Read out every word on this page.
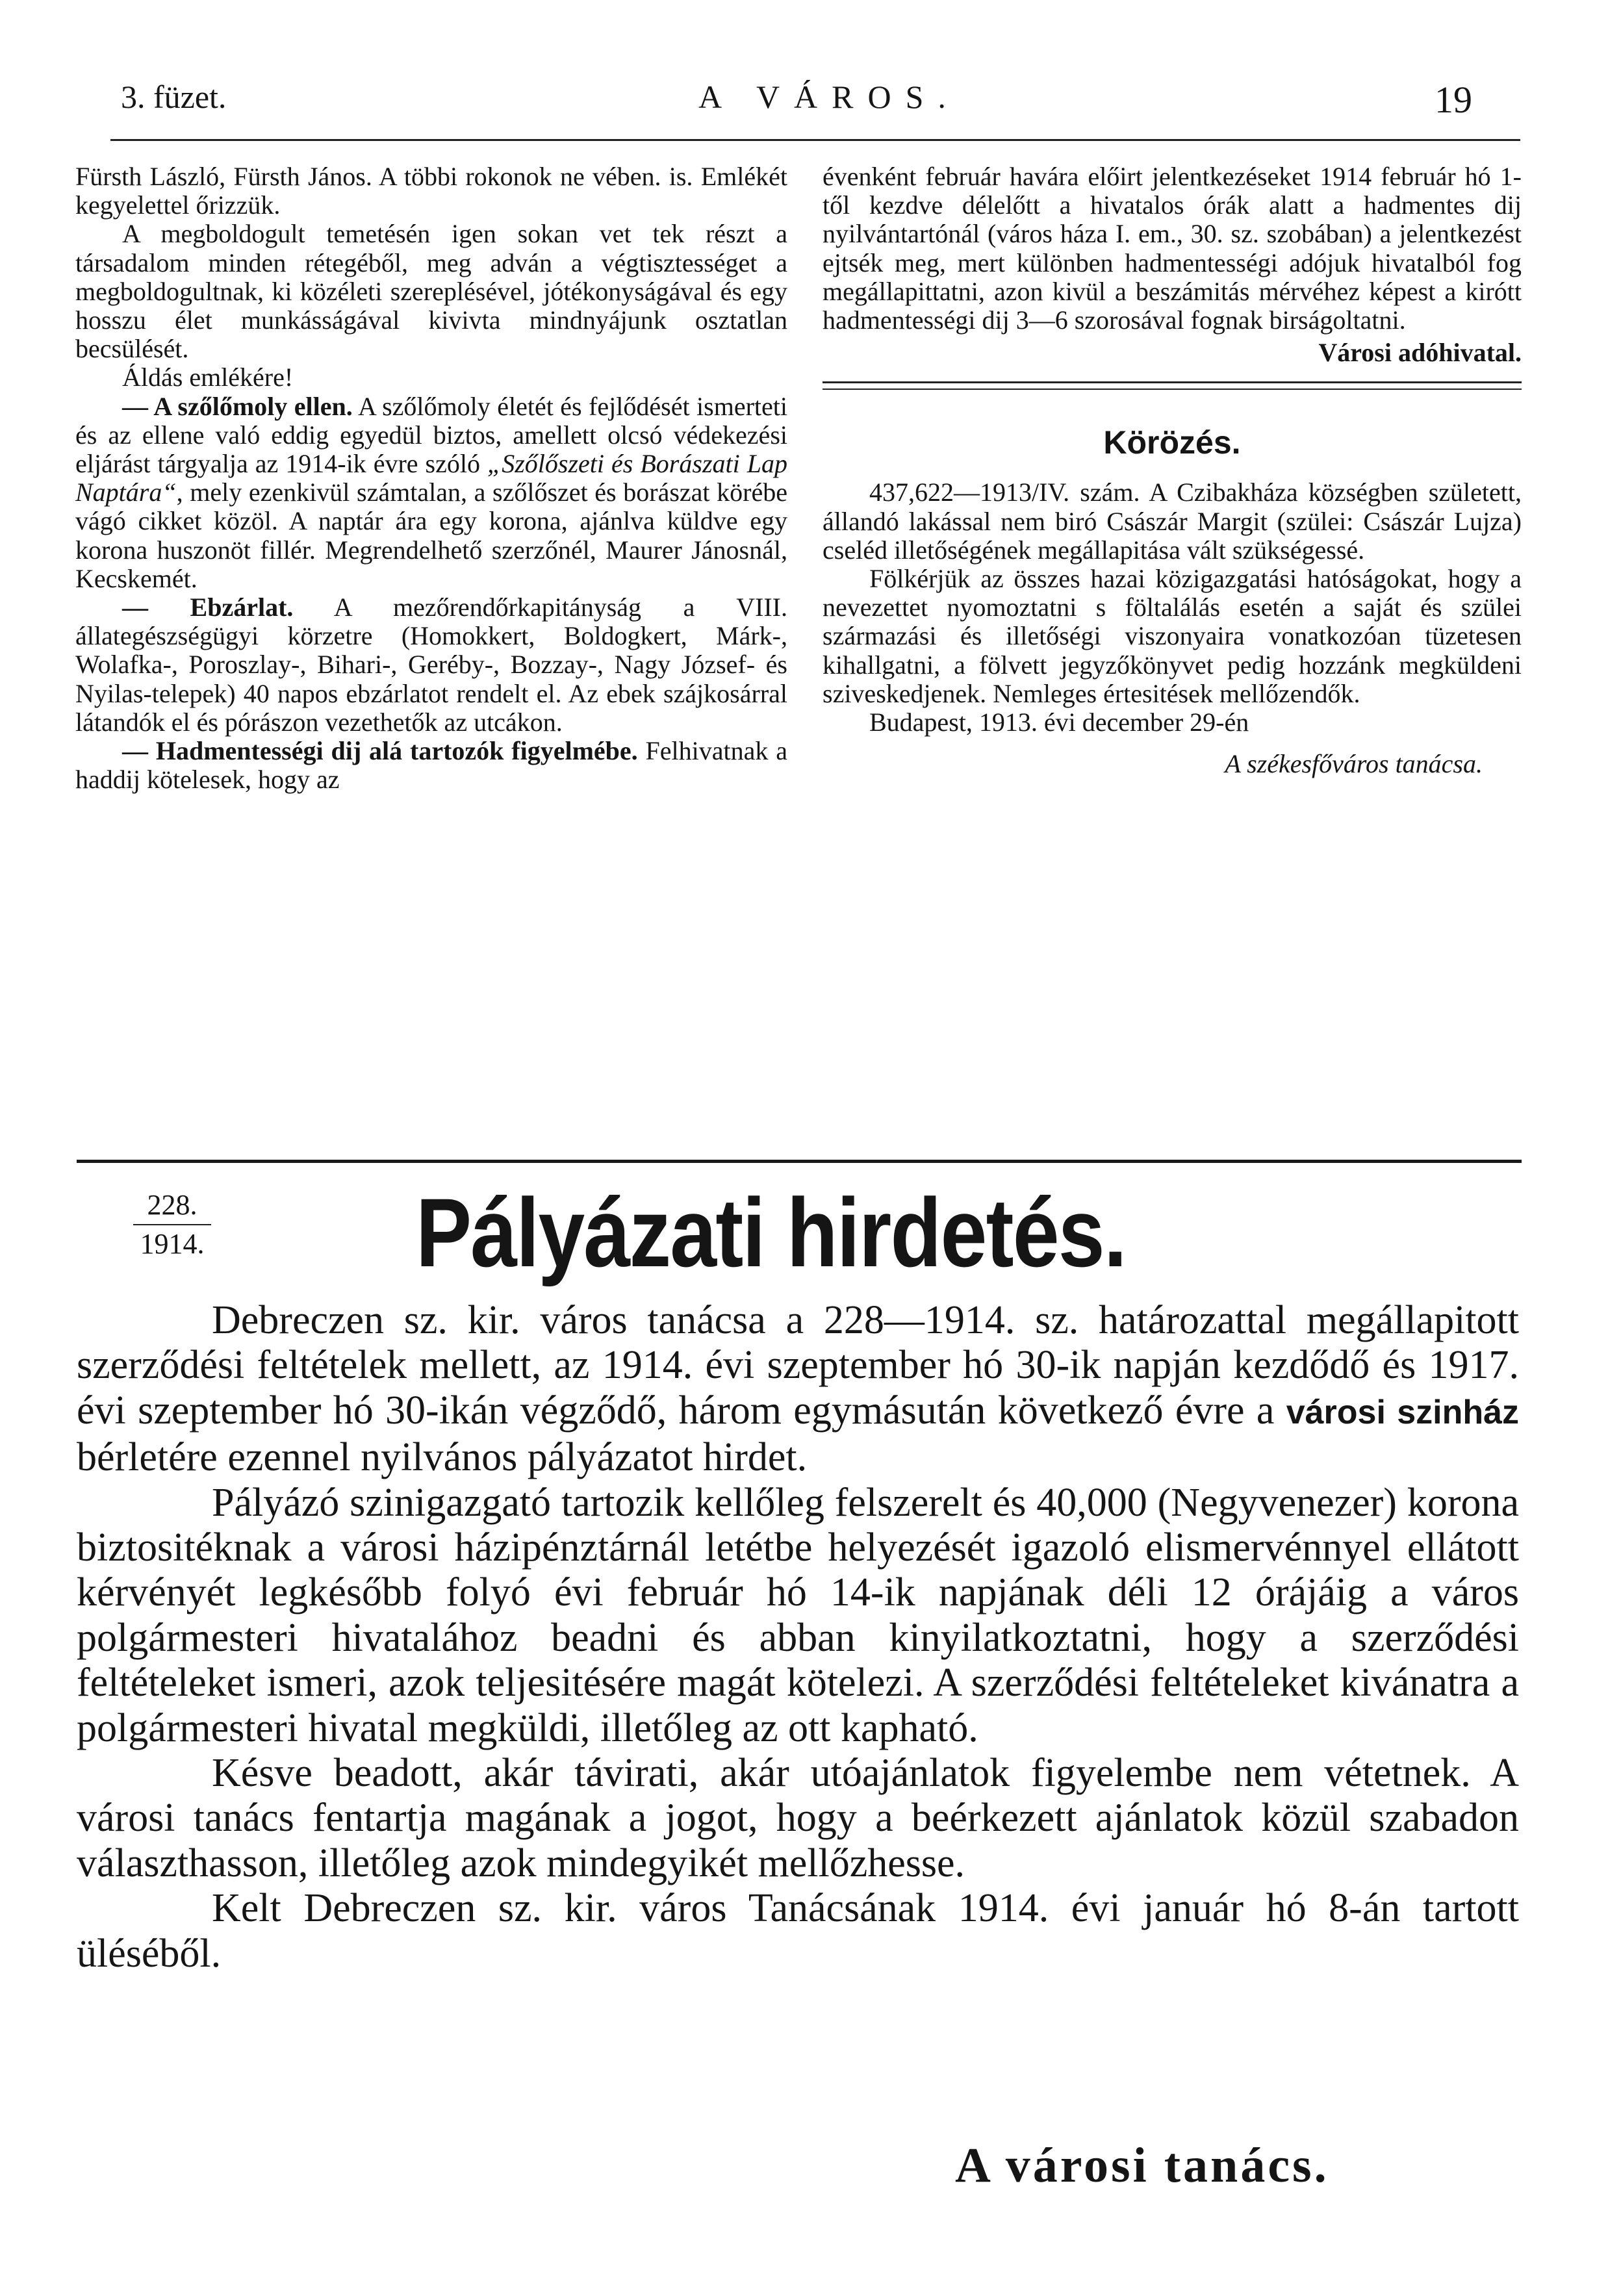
3. füzet.	A VÁROS.	19

Fürsth László, Fürsth János. A többi rokonok ne vében. is. Emlékét kegyelettel őrizzük.

A megboldogult temetésén igen sokan vet tek részt a társadalom minden rétegéből, meg adván a végtisztességet a megboldogultnak, ki közéleti szereplésével, jótékonyságával és egy hosszu élet munkásságával kivivta mindnyájunk osztatlan becsülését.

Áldás emlékére!

— A szőlőmoly ellen. A szőlőmoly életét és fejlődését ismerteti és az ellene való eddig egyedül biztos, amellett olcsó védekezési eljárást tárgyalja az 1914-ik évre szóló „Szőlőszeti és Borászati Lap Naptára“, mely ezenkivül számtalan, a szőlőszet és borászat körébe vágó cikket közöl. A naptár ára egy korona, ajánlva küldve egy korona huszonöt fillér. Megrendelhető szerzőnél, Maurer Jánosnál, Kecskemét.

— Ebzárlat. A mezőrendőrkapitányság a VIII. állategészségügyi körzetre (Homokkert, Boldogkert, Márk-, Wolafka-, Poroszlay-, Bihari-, Geréby-, Bozzay-, Nagy József- és Nyilas-telepek) 40 napos ebzárlatot rendelt el. Az ebek szájkosárral látandók el és pórászon vezethetők az utcákon.

— Hadmentességi dij alá tartozók figyelmébe. Felhivatnak a haddij kötelesek, hogy az

évenként február havára előirt jelentkezéseket 1914 február hó 1-től kezdve délelőtt a hivatalos órák alatt a hadmentes dij nyilvántartónál (város háza I. em., 30. sz. szobában) a jelentkezést ejtsék meg, mert különben hadmentességi adójuk hivatalból fog megállapittatni, azon kivül a beszámitás mérvéhez képest a kirótt hadmentességi dij 3—6 szorosával fognak birságoltatni.

Városi adóhivatal.

Körözés.

437,622—1913/IV. szám. A Czibakháza községben született, állandó lakással nem biró Császár Margit (szülei: Császár Lujza) cseléd illetőségének megállapitása vált szükségessé.

Fölkérjük az összes hazai közigazgatási hatóságokat, hogy a nevezettet nyomoztatni s föltalálás esetén a saját és szülei származási és illetőségi viszonyaira vonatkozóan tüzetesen kihallgatni, a fölvett jegyzőkönyvet pedig hozzánk megküldeni sziveskedjenek. Nemleges értesitések mellőzendők.

Budapest, 1913. évi december 29-én

A székesfőváros tanácsa.

228.
1914. Pályázati hirdetés.

Debreczen sz. kir. város tanácsa a 228—1914. sz. határozattal megállapitott szerződési feltételek mellett, az 1914. évi szeptember hó 30-ik napján kezdődő és 1917. évi szeptember hó 30-ikán végződő, három egymásután következő évre a városi szinház bérletére ezennel nyilvános pályázatot hirdet.

Pályázó szinigazgató tartozik kellőleg felszerelt és 40,000 (Negyvenezer) korona biztositéknak a városi házipénztárnál letétbe helyezését igazoló elismervénnyel ellátott kérvényét legkésőbb folyó évi február hó 14-ik napjának déli 12 órájáig a város polgármesteri hivatalához beadni és abban kinyilatkoztatni, hogy a szerződési feltételeket ismeri, azok teljesitésére magát kötelezi. A szerződési feltételeket kivánatra a polgármesteri hivatal megküldi, illetőleg az ott kapható.

Késve beadott, akár távirati, akár utóajánlatok figyelembe nem vétetnek. A városi tanács fentartja magának a jogot, hogy a beérkezett ajánlatok közül szabadon választhasson, illetőleg azok mindegyikét mellőzhesse.

Kelt Debreczen sz. kir. város Tanácsának 1914. évi január hó 8-án tartott üléséből.

A városi tanács.
